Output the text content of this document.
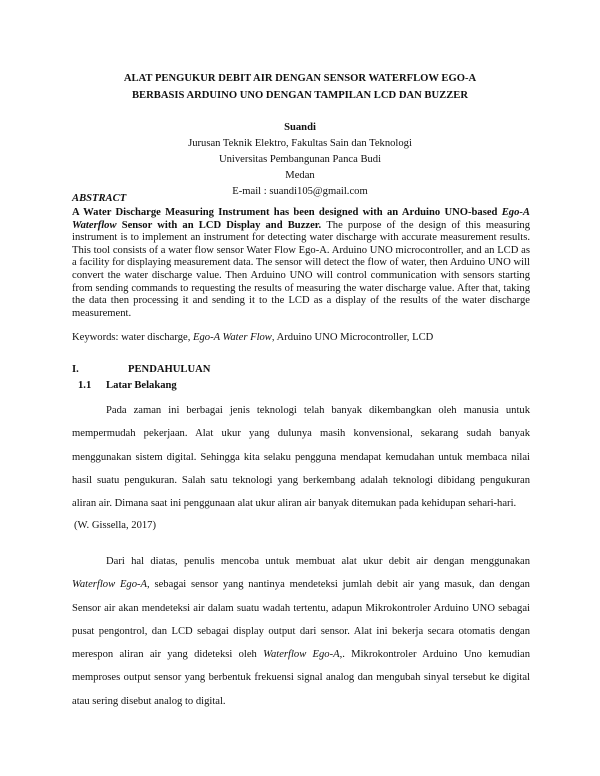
ALAT PENGUKUR DEBIT AIR DENGAN SENSOR WATERFLOW EGO-A
BERBASIS ARDUINO UNO DENGAN TAMPILAN LCD DAN BUZZER
Suandi
Jurusan Teknik Elektro, Fakultas Sain dan Teknologi
Universitas Pembangunan Panca Budi
Medan
E-mail : suandi105@gmail.com
ABSTRACT
A Water Discharge Measuring Instrument has been designed with an Arduino UNO-based Ego-A Waterflow Sensor with an LCD Display and Buzzer. The purpose of the design of this measuring instrument is to implement an instrument for detecting water discharge with accurate measurement results. This tool consists of a water flow sensor Water Flow Ego-A. Arduino UNO microcontroller, and an LCD as a facility for displaying measurement data. The sensor will detect the flow of water, then Arduino UNO will convert the water discharge value. Then Arduino UNO will control communication with sensors starting from sending commands to requesting the results of measuring the water discharge value. After that, taking the data then processing it and sending it to the LCD as a display of the results of the water discharge measurement.
Keywords: water discharge, Ego-A Water Flow, Arduino UNO Microcontroller, LCD
I.	PENDAHULUAN
1.1 Latar Belakang
Pada zaman ini berbagai jenis teknologi telah banyak dikembangkan oleh manusia untuk mempermudah pekerjaan. Alat ukur yang dulunya masih konvensional, sekarang sudah banyak menggunakan sistem digital. Sehingga kita selaku pengguna mendapat kemudahan untuk membaca nilai hasil suatu pengukuran. Salah satu teknologi yang berkembang adalah teknologi dibidang pengukuran aliran air. Dimana saat ini penggunaan alat ukur aliran air banyak ditemukan pada kehidupan sehari-hari.
(W. Gissella, 2017)
Dari hal diatas, penulis mencoba untuk membuat alat ukur debit air dengan menggunakan Waterflow Ego-A, sebagai sensor yang nantinya mendeteksi jumlah debit air yang masuk, dan dengan Sensor air akan mendeteksi air dalam suatu wadah tertentu, adapun Mikrokontroler Arduino UNO sebagai pusat pengontrol, dan LCD sebagai display output dari sensor. Alat ini bekerja secara otomatis dengan merespon aliran air yang dideteksi oleh Waterflow Ego-A,. Mikrokontroler Arduino Uno kemudian memproses output sensor yang berbentuk frekuensi signal analog dan mengubah sinyal tersebut ke digital atau sering disebut analog to digital.
